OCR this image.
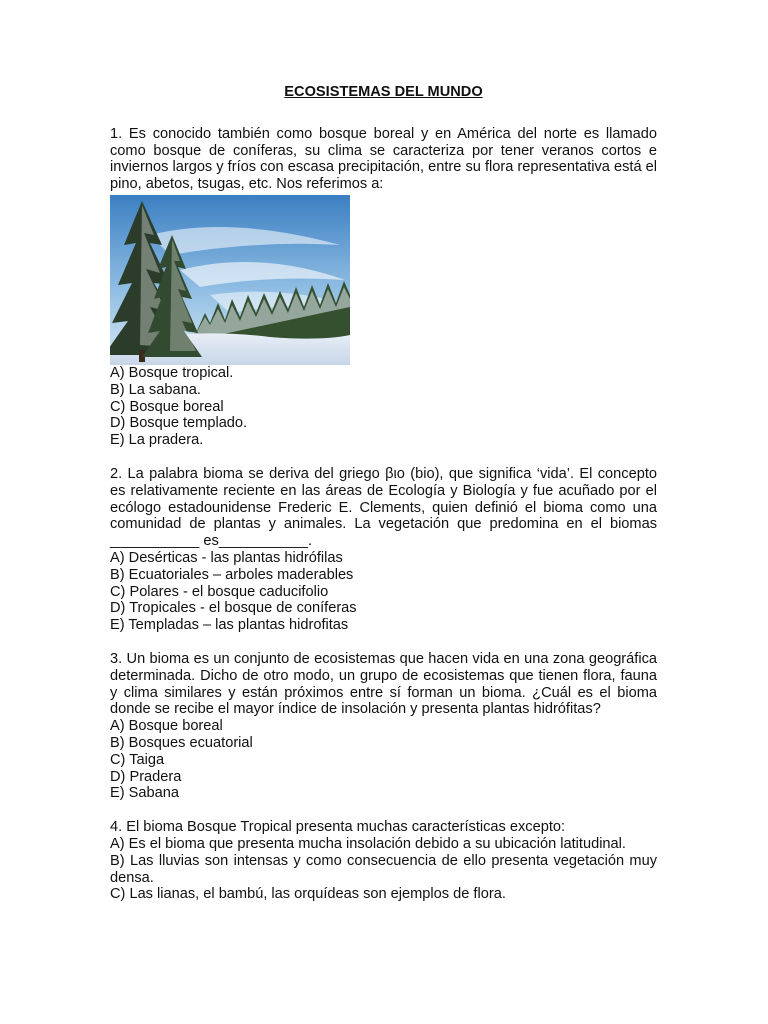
ECOSISTEMAS DEL MUNDO

1. Es conocido también como bosque boreal y en América del norte es llamado como bosque de coníferas, su clima se caracteriza por tener veranos cortos e inviernos largos y fríos con escasa precipitación, entre su flora representativa está el pino, abetos, tsugas, etc. Nos referimos a:

A) Bosque tropical.
B) La sabana.
C) Bosque boreal
D) Bosque templado.
E) La pradera.

2. La palabra bioma se deriva del griego βιο (bio), que significa ‘vida’. El concepto es relativamente reciente en las áreas de Ecología y Biología y fue acuñado por el ecólogo estadounidense Frederic E. Clements, quien definió el bioma como una comunidad de plantas y animales. La vegetación que predomina en el biomas ___________ es___________.

A) Desérticas - las plantas hidrófilas
B) Ecuatoriales – arboles maderables
C) Polares - el bosque caducifolio
D) Tropicales - el bosque de coníferas
E) Templadas – las plantas hidrofitas

3. Un bioma es un conjunto de ecosistemas que hacen vida en una zona geográfica determinada. Dicho de otro modo, un grupo de ecosistemas que tienen flora, fauna y clima similares y están próximos entre sí forman un bioma. ¿Cuál es el bioma donde se recibe el mayor índice de insolación y presenta plantas hidrófitas?

A) Bosque boreal
B) Bosques ecuatorial
C) Taiga
D) Pradera
E) Sabana

4. El bioma Bosque Tropical presenta muchas características excepto:

A) Es el bioma que presenta mucha insolación debido a su ubicación latitudinal.
B) Las lluvias son intensas y como consecuencia de ello presenta vegetación muy densa.
C) Las lianas, el bambú, las orquídeas son ejemplos de flora.
